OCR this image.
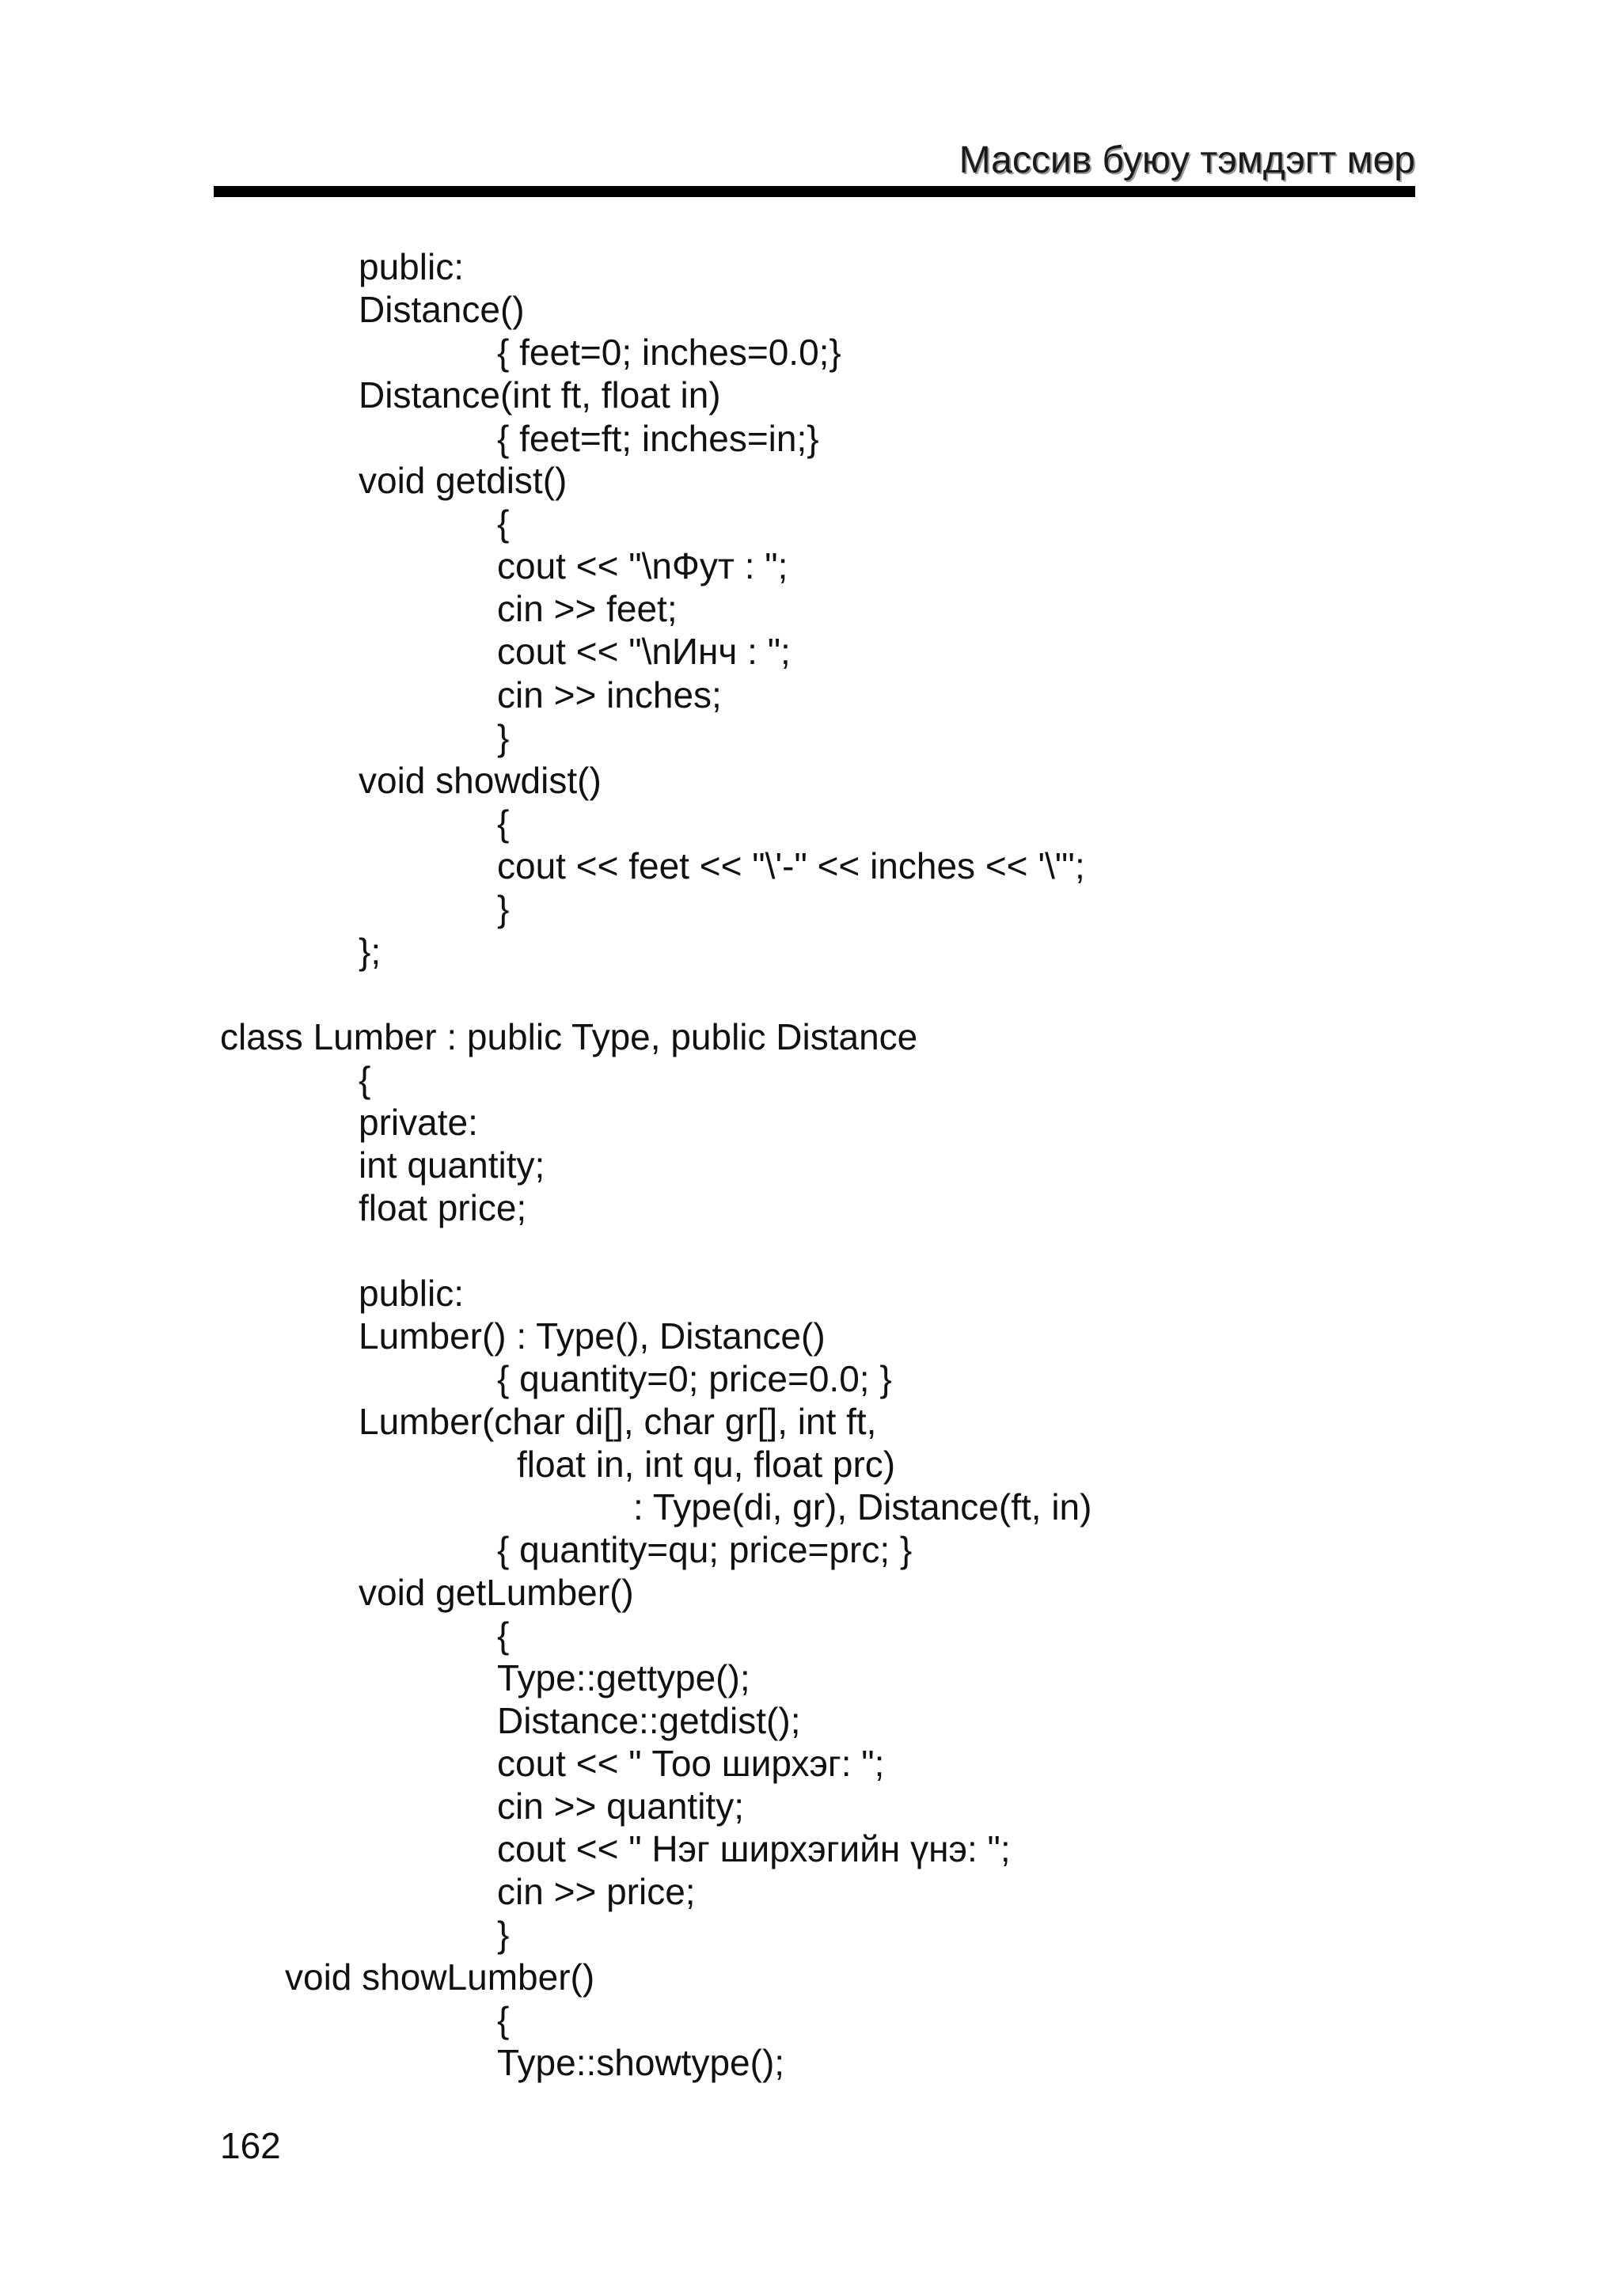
Массив буюу тэмдэгт мөр
public:
Distance()
{ feet=0; inches=0.0;}
Distance(int ft, float in)
{ feet=ft; inches=in;}
void getdist()
{
cout << "\nФут : ";
cin >> feet;
cout << "\nИнч : ";
cin >> inches;
}
void showdist()
{
cout << feet << "\'-" << inches << '\"';
}
};
class Lumber : public Type, public Distance
{
private:
int quantity;
float price;
public:
Lumber() : Type(), Distance()
{ quantity=0; price=0.0; }
Lumber(char di[], char gr[], int ft,
float in, int qu, float prc)
: Type(di, gr), Distance(ft, in)
{ quantity=qu; price=prc; }
void getLumber()
{
Type::gettype();
Distance::getdist();
cout << " Тоо ширхэг: ";
cin >> quantity;
cout << " Нэг ширхэгийн үнэ: ";
cin >> price;
}
void showLumber()
{
Type::showtype();
162
